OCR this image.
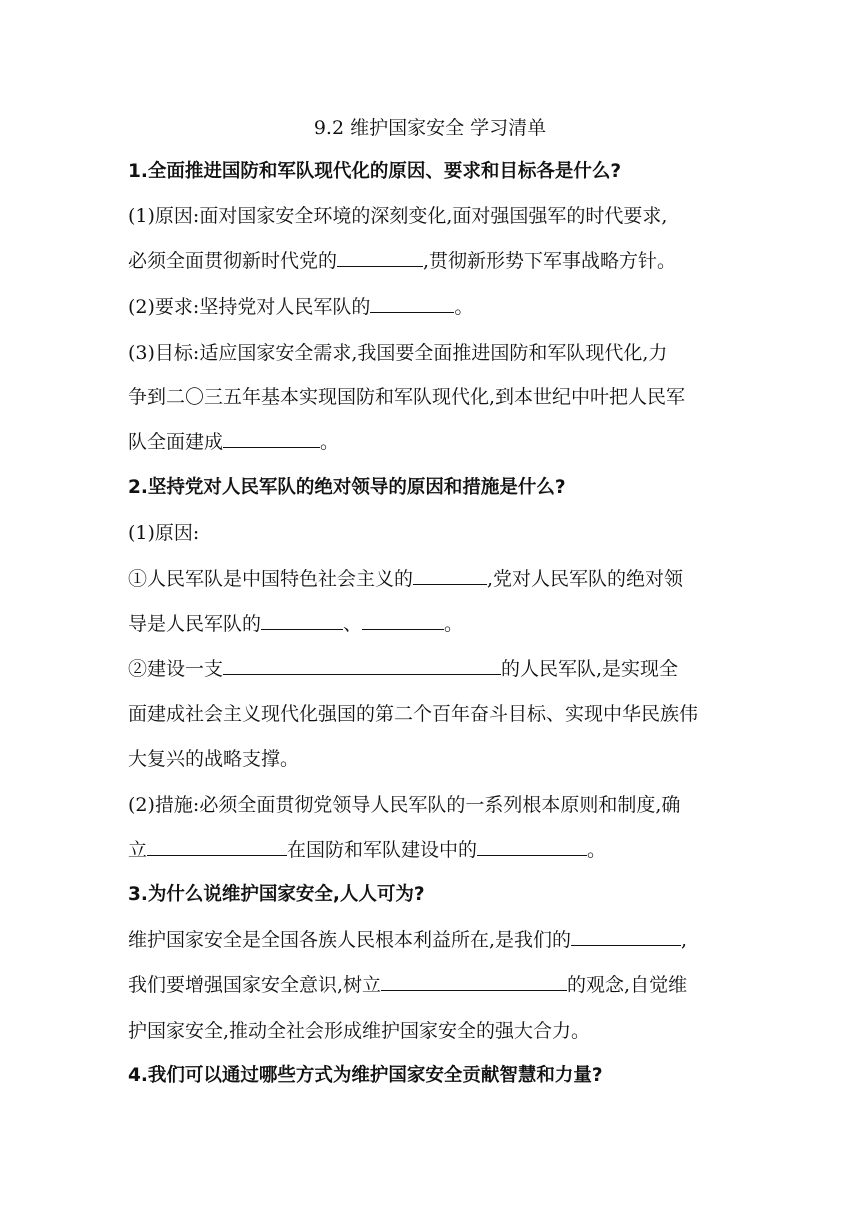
9.2 维护国家安全 学习清单
1.全面推进国防和军队现代化的原因、要求和目标各是什么?
(1)原因:面对国家安全环境的深刻变化,面对强国强军的时代要求,
必须全面贯彻新时代党的	,贯彻新形势下军事战略方针。
(2)要求:坚持党对人民军队的	。
(3)目标:适应国家安全需求,我国要全面推进国防和军队现代化,力
争到二〇三五年基本实现国防和军队现代化,到本世纪中叶把人民军
队全面建成	。
2.坚持党对人民军队的绝对领导的原因和措施是什么?
(1)原因:
①人民军队是中国特色社会主义的	,党对人民军队的绝对领
导是人民军队的	、	。
②建设一支	的人民军队,是实现全
面建成社会主义现代化强国的第二个百年奋斗目标、实现中华民族伟
大复兴的战略支撑。
(2)措施:必须全面贯彻党领导人民军队的一系列根本原则和制度,确
立	在国防和军队建设中的	。
3.为什么说维护国家安全,人人可为?
维护国家安全是全国各族人民根本利益所在,是我们的	,
我们要增强国家安全意识,树立	的观念,自觉维
护国家安全,推动全社会形成维护国家安全的强大合力。
4.我们可以通过哪些方式为维护国家安全贡献智慧和力量?
